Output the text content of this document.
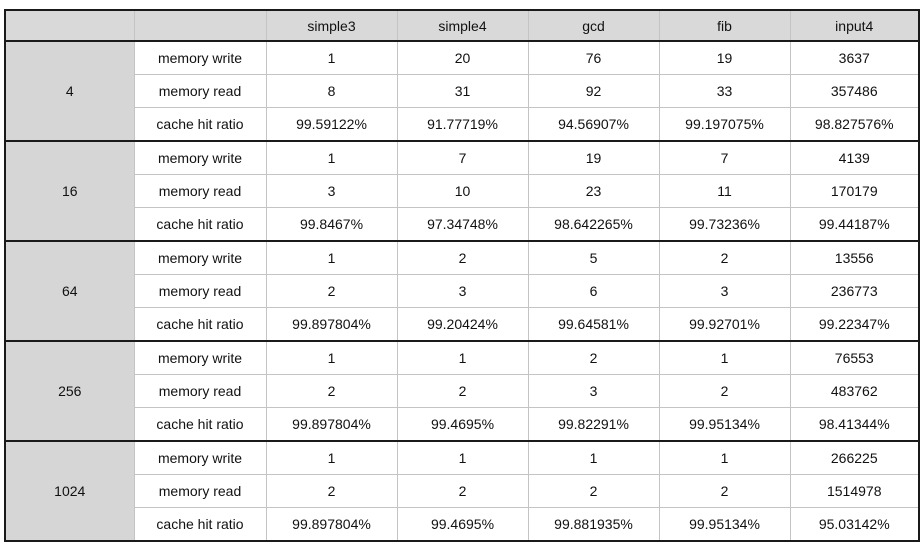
		simple3	simple4	gcd	fib	input4
4	memory write	1	20	76	19	3637
	memory read	8	31	92	33	357486
	cache hit ratio	99.59122%	91.77719%	94.56907%	99.197075%	98.827576%
16	memory write	1	7	19	7	4139
	memory read	3	10	23	11	170179
	cache hit ratio	99.8467%	97.34748%	98.642265%	99.73236%	99.44187%
64	memory write	1	2	5	2	13556
	memory read	2	3	6	3	236773
	cache hit ratio	99.897804%	99.20424%	99.64581%	99.92701%	99.22347%
256	memory write	1	1	2	1	76553
	memory read	2	2	3	2	483762
	cache hit ratio	99.897804%	99.4695%	99.82291%	99.95134%	98.41344%
1024	memory write	1	1	1	1	266225
	memory read	2	2	2	2	1514978
	cache hit ratio	99.897804%	99.4695%	99.881935%	99.95134%	95.03142%
